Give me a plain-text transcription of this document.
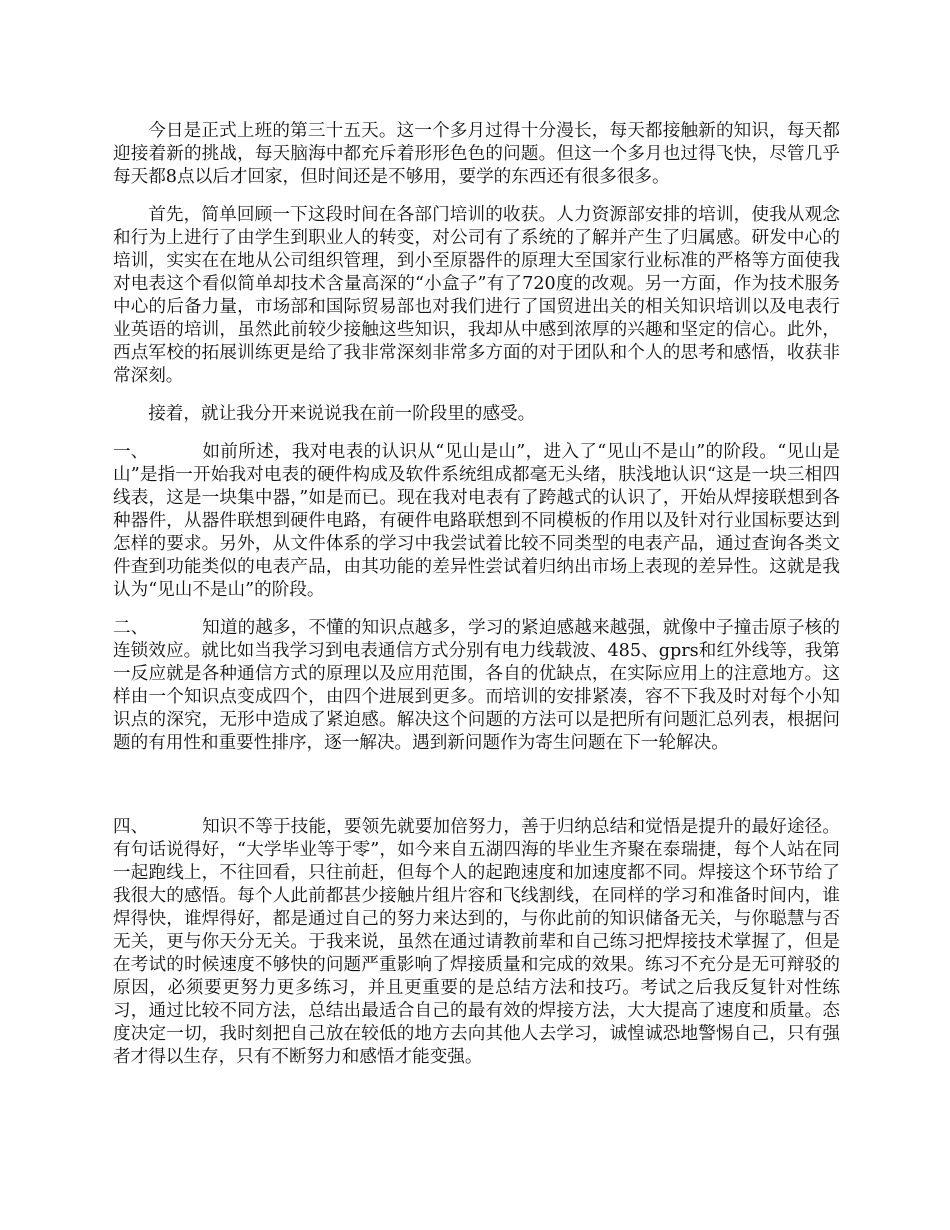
今日是正式上班的第三十五天。这一个多月过得十分漫长，每天都接触新的知识，每天都迎接着新的挑战，每天脑海中都充斥着形形色色的问题。但这一个多月也过得飞快，尽管几乎每天都8点以后才回家，但时间还是不够用，要学的东西还有很多很多。

首先，简单回顾一下这段时间在各部门培训的收获。人力资源部安排的培训，使我从观念和行为上进行了由学生到职业人的转变，对公司有了系统的了解并产生了归属感。研发中心的培训，实实在在地从公司组织管理，到小至原器件的原理大至国家行业标准的严格等方面使我对电表这个看似简单却技术含量高深的“小盒子”有了720度的改观。另一方面，作为技术服务中心的后备力量，市场部和国际贸易部也对我们进行了国贸进出关的相关知识培训以及电表行业英语的培训，虽然此前较少接触这些知识，我却从中感到浓厚的兴趣和坚定的信心。此外，西点军校的拓展训练更是给了我非常深刻非常多方面的对于团队和个人的思考和感悟，收获非常深刻。

接着，就让我分开来说说我在前一阶段里的感受。

一、	如前所述，我对电表的认识从“见山是山”，进入了“见山不是山”的阶段。“见山是山”是指一开始我对电表的硬件构成及软件系统组成都毫无头绪，肤浅地认识“这是一块三相四线表，这是一块集中器，”如是而已。现在我对电表有了跨越式的认识了，开始从焊接联想到各种器件，从器件联想到硬件电路，有硬件电路联想到不同模板的作用以及针对行业国标要达到怎样的要求。另外，从文件体系的学习中我尝试着比较不同类型的电表产品，通过查询各类文件查到功能类似的电表产品，由其功能的差异性尝试着归纳出市场上表现的差异性。这就是我认为“见山不是山”的阶段。

二、	知道的越多，不懂的知识点越多，学习的紧迫感越来越强，就像中子撞击原子核的连锁效应。就比如当我学习到电表通信方式分别有电力线载波、485、gprs和红外线等，我第一反应就是各种通信方式的原理以及应用范围，各自的优缺点，在实际应用上的注意地方。这样由一个知识点变成四个，由四个进展到更多。而培训的安排紧凑，容不下我及时对每个小知识点的深究，无形中造成了紧迫感。解决这个问题的方法可以是把所有问题汇总列表，根据问题的有用性和重要性排序，逐一解决。遇到新问题作为寄生问题在下一轮解决。

四、	知识不等于技能，要领先就要加倍努力，善于归纳总结和觉悟是提升的最好途径。有句话说得好，“大学毕业等于零”，如今来自五湖四海的毕业生齐聚在泰瑞捷，每个人站在同一起跑线上，不往回看，只往前赶，但每个人的起跑速度和加速度都不同。焊接这个环节给了我很大的感悟。每个人此前都甚少接触片组片容和飞线割线，在同样的学习和准备时间内，谁焊得快，谁焊得好，都是通过自己的努力来达到的，与你此前的知识储备无关，与你聪慧与否无关，更与你天分无关。于我来说，虽然在通过请教前辈和自己练习把焊接技术掌握了，但是在考试的时候速度不够快的问题严重影响了焊接质量和完成的效果。练习不充分是无可辩驳的原因，必须要更努力更多练习，并且更重要的是总结方法和技巧。考试之后我反复针对性练习，通过比较不同方法，总结出最适合自己的最有效的焊接方法，大大提高了速度和质量。态度决定一切，我时刻把自己放在较低的地方去向其他人去学习，诚惶诚恐地警惕自己，只有强者才得以生存，只有不断努力和感悟才能变强。
